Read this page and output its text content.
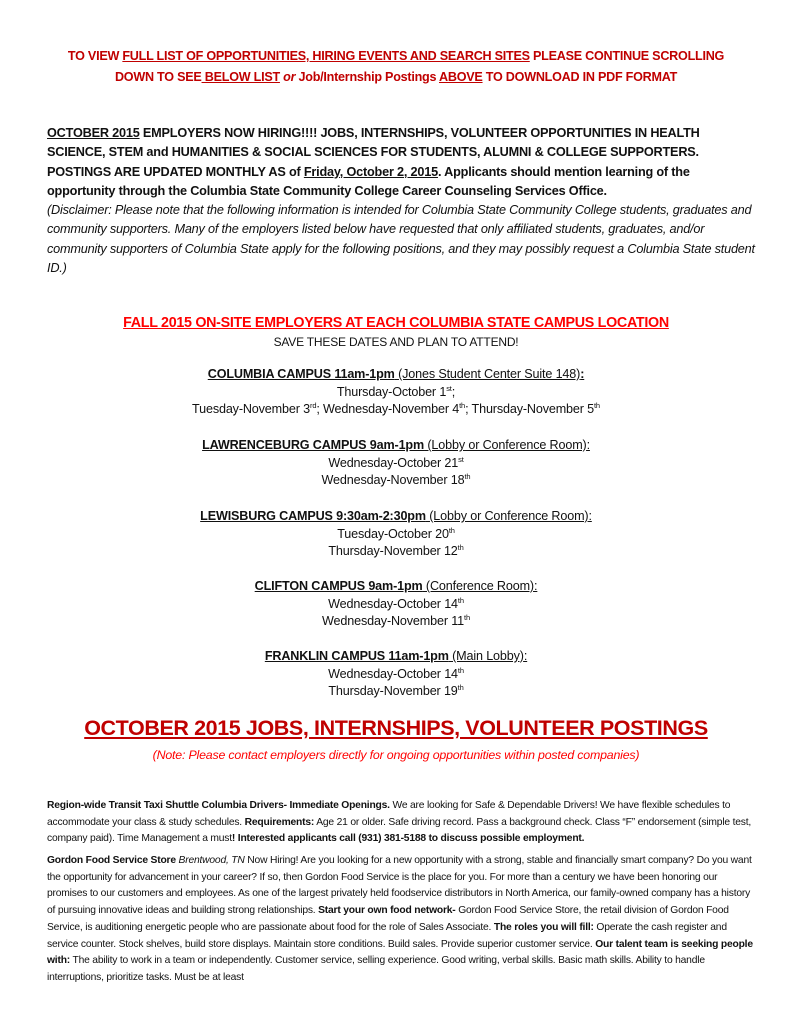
TO VIEW FULL LIST OF OPPORTUNITIES, HIRING EVENTS AND SEARCH SITES PLEASE CONTINUE SCROLLING
DOWN TO SEE BELOW LIST or Job/Internship Postings ABOVE TO DOWNLOAD IN PDF FORMAT
OCTOBER 2015 EMPLOYERS NOW HIRING!!!! JOBS, INTERNSHIPS, VOLUNTEER OPPORTUNITIES IN HEALTH SCIENCE, STEM and HUMANITIES & SOCIAL SCIENCES FOR STUDENTS, ALUMNI & COLLEGE SUPPORTERS. POSTINGS ARE UPDATED MONTHLY AS of Friday, October 2, 2015. Applicants should mention learning of the opportunity through the Columbia State Community College Career Counseling Services Office.
(Disclaimer: Please note that the following information is intended for Columbia State Community College students, graduates and community supporters. Many of the employers listed below have requested that only affiliated students, graduates, and/or community supporters of Columbia State apply for the following positions, and they may possibly request a Columbia State student ID.)
FALL 2015 ON-SITE EMPLOYERS AT EACH COLUMBIA STATE CAMPUS LOCATION
SAVE THESE DATES AND PLAN TO ATTEND!
COLUMBIA CAMPUS 11am-1pm (Jones Student Center Suite 148):
Thursday-October 1st;
Tuesday-November 3rd; Wednesday-November 4th; Thursday-November 5th
LAWRENCEBURG CAMPUS 9am-1pm (Lobby or Conference Room):
Wednesday-October 21st
Wednesday-November 18th
LEWISBURG CAMPUS 9:30am-2:30pm (Lobby or Conference Room):
Tuesday-October 20th
Thursday-November 12th
CLIFTON CAMPUS 9am-1pm (Conference Room):
Wednesday-October 14th
Wednesday-November 11th
FRANKLIN CAMPUS 11am-1pm (Main Lobby):
Wednesday-October 14th
Thursday-November 19th
OCTOBER 2015 JOBS, INTERNSHIPS, VOLUNTEER POSTINGS
(Note: Please contact employers directly for ongoing opportunities within posted companies)
Region-wide Transit Taxi Shuttle Columbia Drivers- Immediate Openings. We are looking for Safe & Dependable Drivers! We have flexible schedules to accommodate your class & study schedules. Requirements: Age 21 or older. Safe driving record. Pass a background check. Class “F” endorsement (simple test, company paid). Time Management a must! Interested applicants call (931) 381-5188 to discuss possible employment.
Gordon Food Service Store Brentwood, TN Now Hiring! Are you looking for a new opportunity with a strong, stable and financially smart company? Do you want the opportunity for advancement in your career? If so, then Gordon Food Service is the place for you. For more than a century we have been honoring our promises to our customers and employees. As one of the largest privately held foodservice distributors in North America, our family-owned company has a history of pursuing innovative ideas and building strong relationships. Start your own food network- Gordon Food Service Store, the retail division of Gordon Food Service, is auditioning energetic people who are passionate about food for the role of Sales Associate. The roles you will fill: Operate the cash register and service counter. Stock shelves, build store displays. Maintain store conditions. Build sales. Provide superior customer service. Our talent team is seeking people with: The ability to work in a team or independently. Customer service, selling experience. Good writing, verbal skills. Basic math skills. Ability to handle interruptions, prioritize tasks. Must be at least
